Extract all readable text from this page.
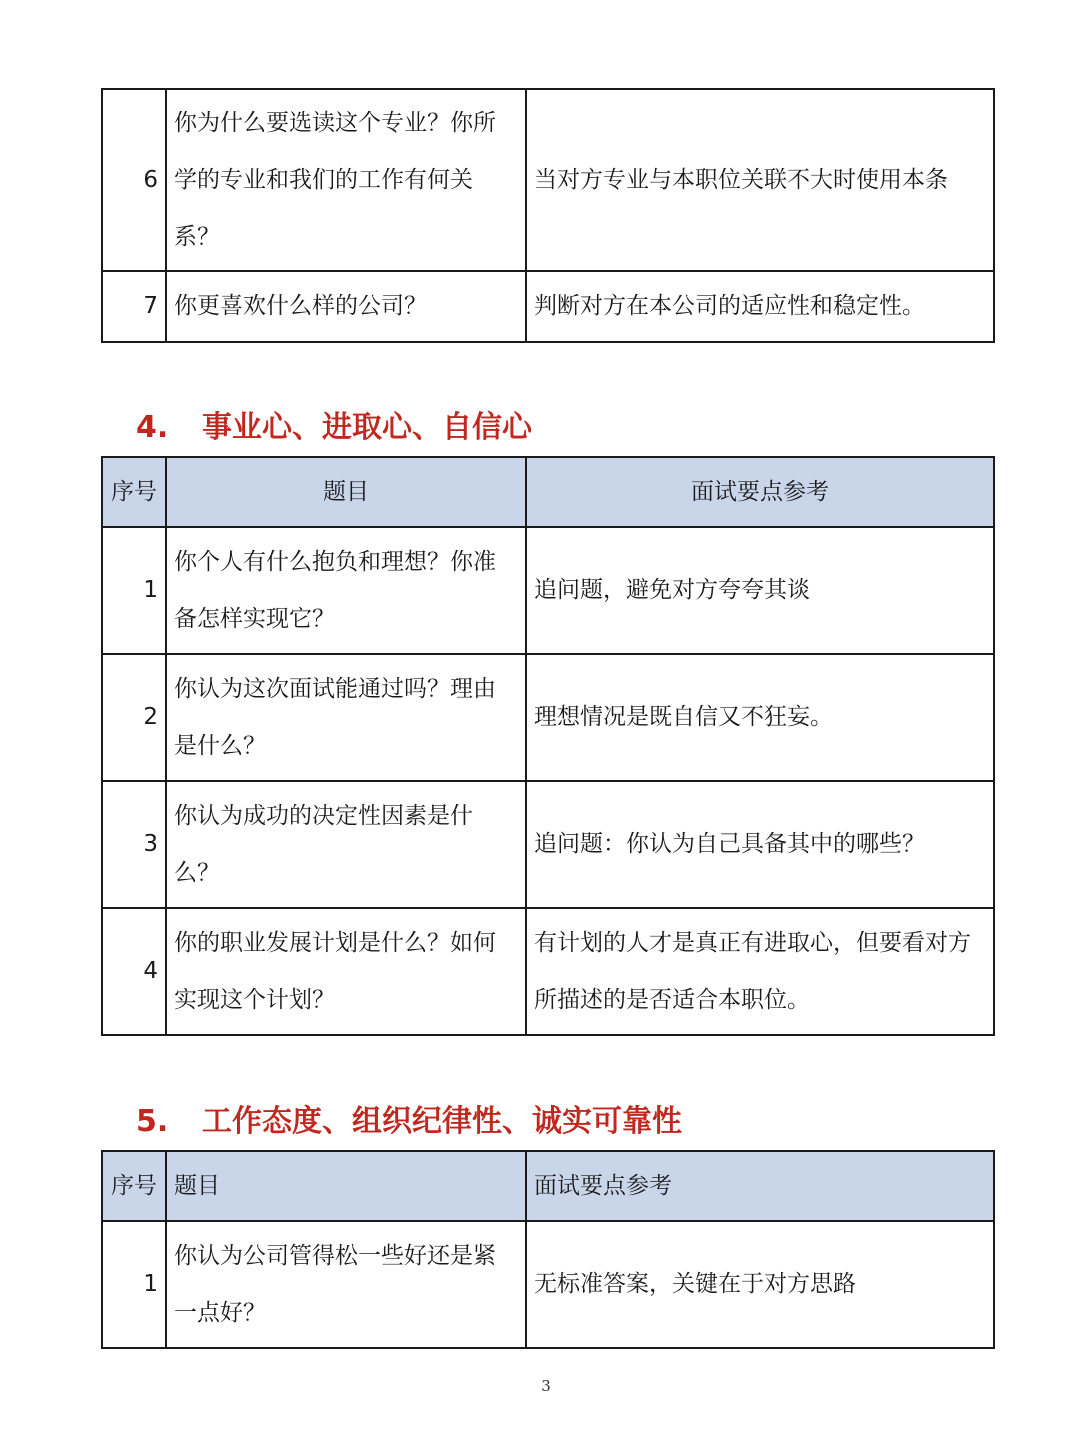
6	你为什么要选读这个专业？你所学的专业和我们的工作有何关系？	当对方专业与本职位关联不大时使用本条
7	你更喜欢什么样的公司？	判断对方在本公司的适应性和稳定性。
4. 事业心、进取心、自信心
序号	题目	面试要点参考
1	你个人有什么抱负和理想？你准备怎样实现它？	追问题，避免对方夸夸其谈
2	你认为这次面试能通过吗？理由是什么？	理想情况是既自信又不狂妄。
3	你认为成功的决定性因素是什么？	追问题：你认为自己具备其中的哪些？
4	你的职业发展计划是什么？如何实现这个计划？	有计划的人才是真正有进取心，但要看对方所描述的是否适合本职位。
5. 工作态度、组织纪律性、诚实可靠性
序号	题目	面试要点参考
1	你认为公司管得松一些好还是紧一点好？	无标准答案，关键在于对方思路
3
